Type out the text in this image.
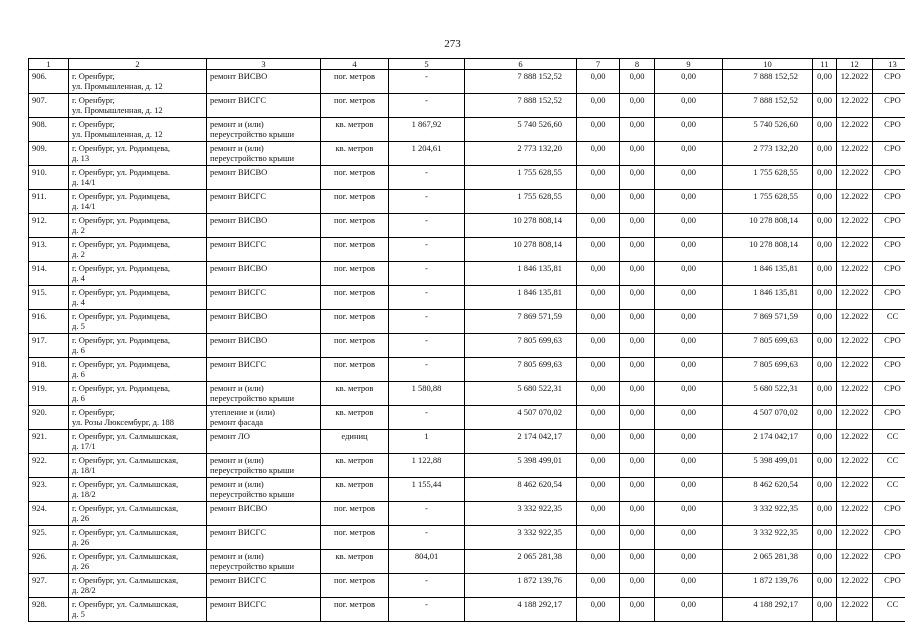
273
1	2	3	4	5	6	7	8	9	10	11	12	13
906.	г. Оренбург,
ул. Промышленная, д. 12	ремонт ВИСВО	пог. метров	-	7 888 152,52	0,00	0,00	0,00	7 888 152,52	0,00	12.2022	СРО
907.	г. Оренбург,
ул. Промышленная, д. 12	ремонт ВИСГС	пог. метров	-	7 888 152,52	0,00	0,00	0,00	7 888 152,52	0,00	12.2022	СРО
908.	г. Оренбург,
ул. Промышленная, д. 12	ремонт и (или)
переустройство крыши	кв. метров	1 867,92	5 740 526,60	0,00	0,00	0,00	5 740 526,60	0,00	12.2022	СРО
909.	г. Оренбург, ул. Родимцева,
д. 13	ремонт и (или)
переустройство крыши	кв. метров	1 204,61	2 773 132,20	0,00	0,00	0,00	2 773 132,20	0,00	12.2022	СРО
910.	г. Оренбург, ул. Родимцева.
д. 14/1	ремонт ВИСВО	пог. метров	-	1 755 628,55	0,00	0,00	0,00	1 755 628,55	0,00	12.2022	СРО
911.	г. Оренбург, ул. Родимцева,
д. 14/1	ремонт ВИСГС	пог. метров	-	1 755 628,55	0,00	0,00	0,00	1 755 628,55	0,00	12.2022	СРО
912.	г. Оренбург, ул. Родимцева,
д. 2	ремонт ВИСВО	пог. метров	-	10 278 808,14	0,00	0,00	0,00	10 278 808,14	0,00	12.2022	СРО
913.	г. Оренбург, ул. Родимцева,
д. 2	ремонт ВИСГС	пог. метров	-	10 278 808,14	0,00	0,00	0,00	10 278 808,14	0,00	12.2022	СРО
914.	г. Оренбург, ул. Родимцева,
д. 4	ремонт ВИСВО	пог. метров	-	1 846 135,81	0,00	0,00	0,00	1 846 135,81	0,00	12.2022	СРО
915.	г. Оренбург, ул. Родимцева,
д. 4	ремонт ВИСГС	пог. метров	-	1 846 135,81	0,00	0,00	0,00	1 846 135,81	0,00	12.2022	СРО
916.	г. Оренбург, ул. Родимцева,
д. 5	ремонт ВИСВО	пог. метров	-	7 869 571,59	0,00	0,00	0,00	7 869 571,59	0,00	12.2022	СС
917.	г. Оренбург, ул. Родимцева,
д. 6	ремонт ВИСВО	пог. метров	-	7 805 699,63	0,00	0,00	0,00	7 805 699,63	0,00	12.2022	СРО
918.	г. Оренбург, ул. Родимцева,
д. 6	ремонт ВИСГС	пог. метров	-	7 805 699,63	0,00	0,00	0,00	7 805 699,63	0,00	12.2022	СРО
919.	г. Оренбург, ул. Родимцева,
д. 6	ремонт и (или)
переустройство крыши	кв. метров	1 580,88	5 680 522,31	0,00	0,00	0,00	5 680 522,31	0,00	12.2022	СРО
920.	г. Оренбург,
ул. Розы Люксембург, д. 188	утепление и (или)
ремонт фасада	кв. метров	-	4 507 070,02	0,00	0,00	0,00	4 507 070,02	0,00	12.2022	СРО
921.	г. Оренбург, ул. Салмышская,
д. 17/1	ремонт ЛО	единиц	1	2 174 042,17	0,00	0,00	0,00	2 174 042,17	0,00	12.2022	СС
922.	г. Оренбург, ул. Салмышская,
д. 18/1	ремонт и (или)
переустройство крыши	кв. метров	1 122,88	5 398 499,01	0,00	0,00	0,00	5 398 499,01	0,00	12.2022	СС
923.	г. Оренбург, ул. Салмышская,
д. 18/2	ремонт и (или)
переустройство крыши	кв. метров	1 155,44	8 462 620,54	0,00	0,00	0,00	8 462 620,54	0,00	12.2022	СС
924.	г. Оренбург, ул. Салмышская,
д. 26	ремонт ВИСВО	пог. метров	-	3 332 922,35	0,00	0,00	0,00	3 332 922,35	0,00	12.2022	СРО
925.	г. Оренбург, ул. Салмышская,
д. 26	ремонт ВИСГС	пог. метров	-	3 332 922,35	0,00	0,00	0,00	3 332 922,35	0,00	12.2022	СРО
926.	г. Оренбург, ул. Салмышская,
д. 26	ремонт и (или)
переустройство крыши	кв. метров	804,01	2 065 281,38	0,00	0,00	0,00	2 065 281,38	0,00	12.2022	СРО
927.	г. Оренбург, ул. Салмышская,
д. 28/2	ремонт ВИСГС	пог. метров	-	1 872 139,76	0,00	0,00	0,00	1 872 139,76	0,00	12.2022	СРО
928.	г. Оренбург, ул. Салмышская,
д. 5	ремонт ВИСГС	пог. метров	-	4 188 292,17	0,00	0,00	0,00	4 188 292,17	0,00	12.2022	СС
